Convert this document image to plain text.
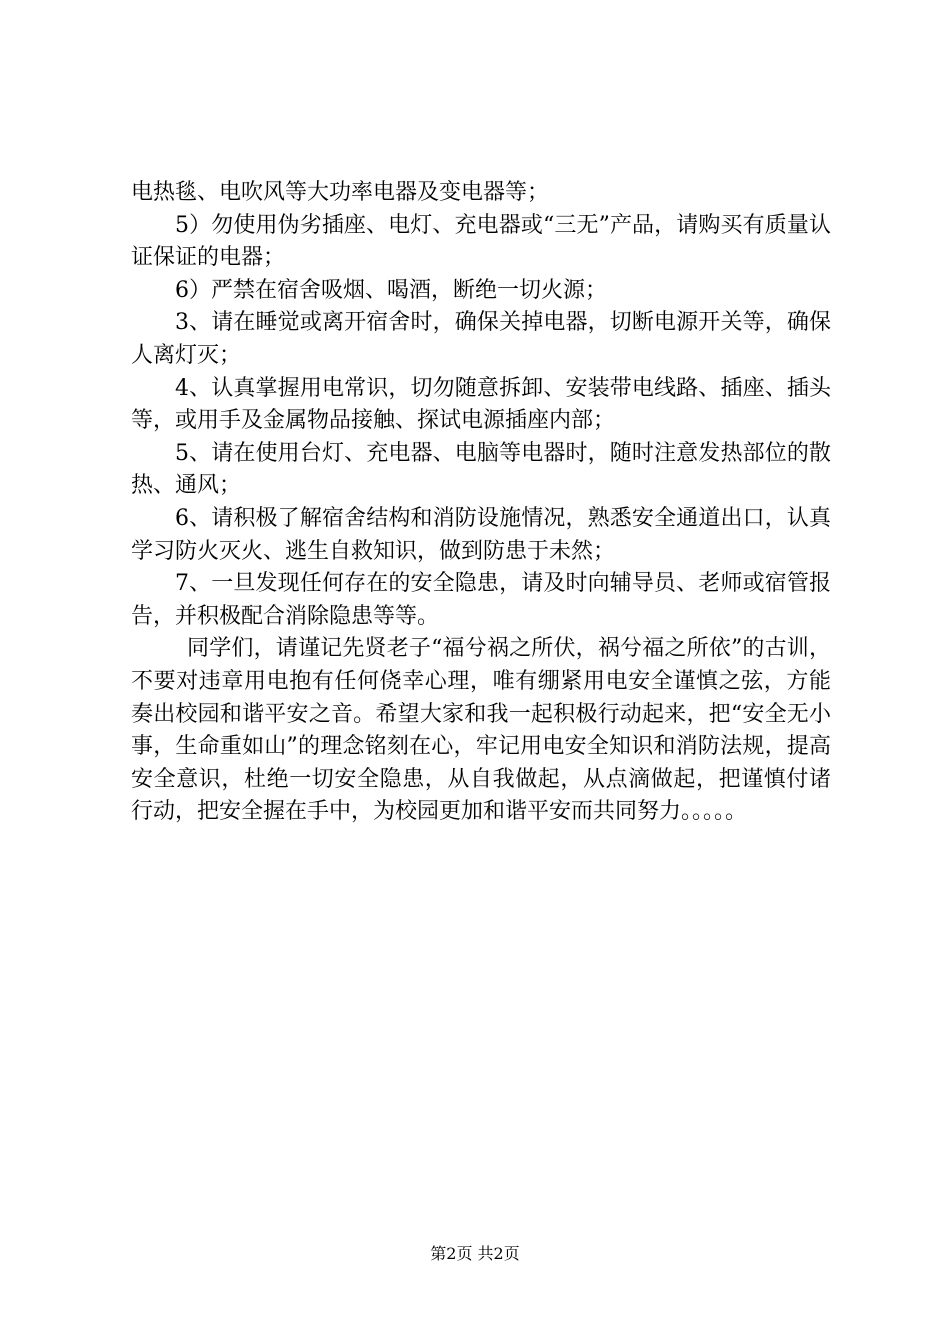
电热毯、电吹风等大功率电器及变电器等；

5）勿使用伪劣插座、电灯、充电器或“三无”产品，请购买有质量认证保证的电器；

6）严禁在宿舍吸烟、喝酒，断绝一切火源；

3、请在睡觉或离开宿舍时，确保关掉电器，切断电源开关等，确保人离灯灭；

4、认真掌握用电常识，切勿随意拆卸、安装带电线路、插座、插头等，或用手及金属物品接触、探试电源插座内部；

5、请在使用台灯、充电器、电脑等电器时，随时注意发热部位的散热、通风；

6、请积极了解宿舍结构和消防设施情况，熟悉安全通道出口，认真学习防火灭火、逃生自救知识，做到防患于未然；

7、一旦发现任何存在的安全隐患，请及时向辅导员、老师或宿管报告，并积极配合消除隐患等等。

同学们，请谨记先贤老子“福兮祸之所伏，祸兮福之所依”的古训，不要对违章用电抱有任何侥幸心理，唯有绷紧用电安全谨慎之弦，方能奏出校园和谐平安之音。希望大家和我一起积极行动起来，把“安全无小事，生命重如山”的理念铭刻在心，牢记用电安全知识和消防法规，提高安全意识，杜绝一切安全隐患，从自我做起，从点滴做起，把谨慎付诸行动，把安全握在手中，为校园更加和谐平安而共同努力。。。。。

第2页 共2页
